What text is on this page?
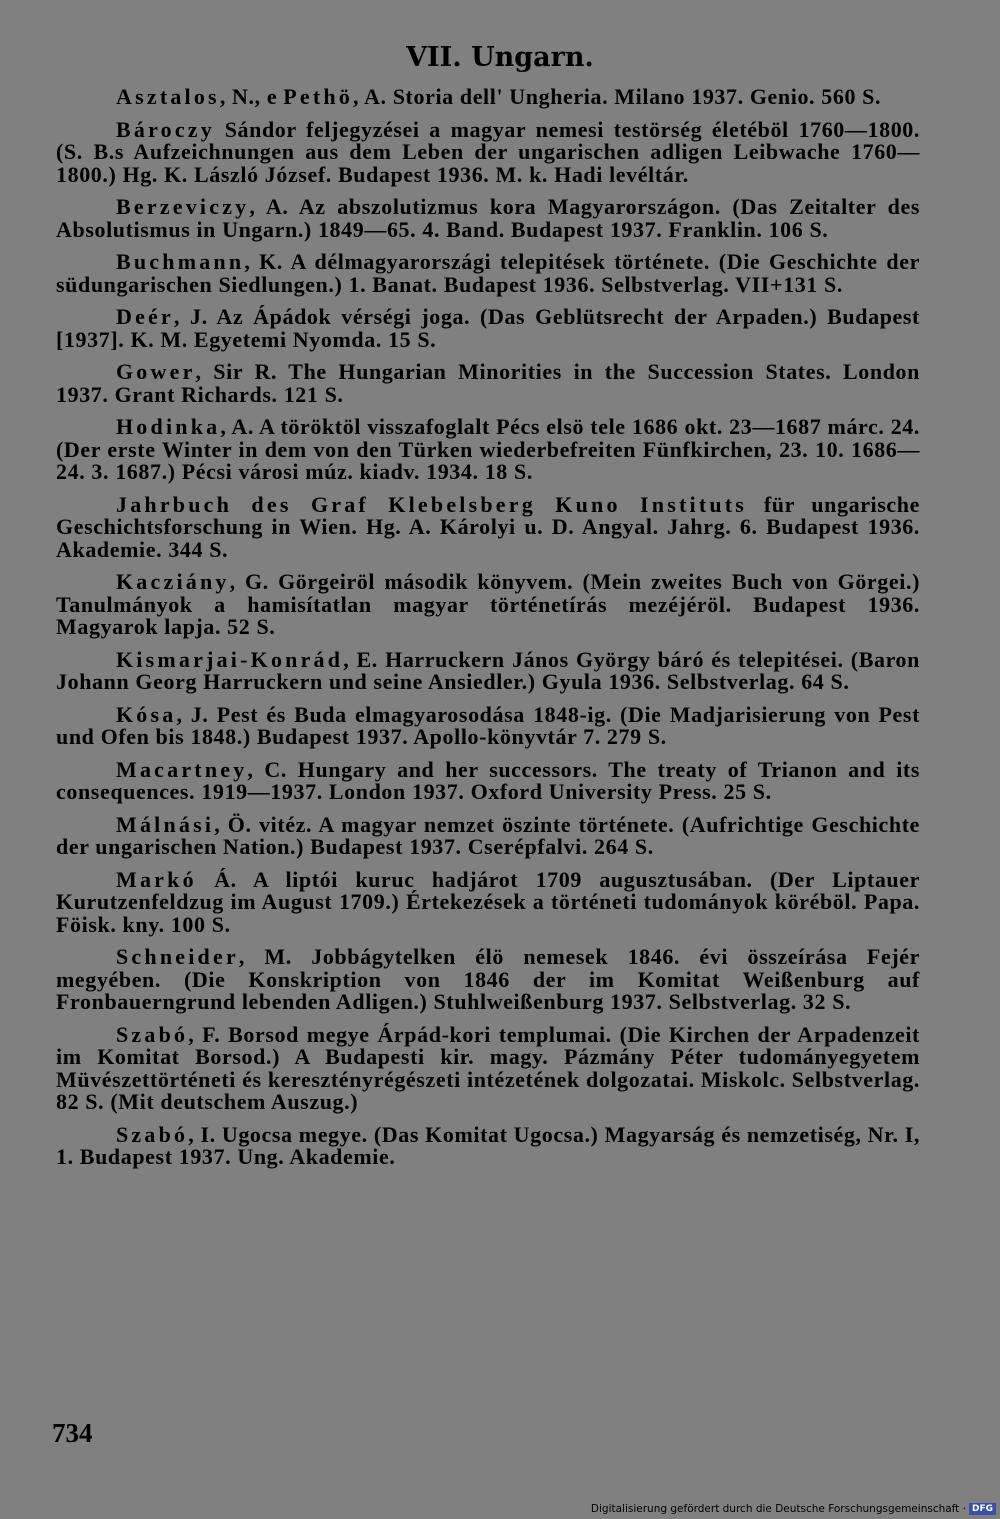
VII. Ungarn.
Asztalos, N., e Pethö, A. Storia dell' Ungheria. Milano 1937. Genio. 560 S.
Bároczy Sándor feljegyzései a magyar nemesi testörség életéböl 1760—1800. (S. B.s Aufzeichnungen aus dem Leben der ungarischen adligen Leibwache 1760—1800.) Hg. K. László József. Budapest 1936. M. k. Hadi levéltár.
Berzeviczy, A. Az abszolutizmus kora Magyarországon. (Das Zeitalter des Absolutismus in Ungarn.) 1849—65. 4. Band. Budapest 1937. Franklin. 106 S.
Buchmann, K. A délmagyarországi telepitések története. (Die Geschichte der südungarischen Siedlungen.) 1. Banat. Budapest 1936. Selbstverlag. VII+131 S.
Deér, J. Az Ápádok vérségi joga. (Das Geblütsrecht der Arpaden.) Budapest [1937]. K. M. Egyetemi Nyomda. 15 S.
Gower, Sir R. The Hungarian Minorities in the Succession States. London 1937. Grant Richards. 121 S.
Hodinka, A. A töröktöl visszafoglalt Pécs elsö tele 1686 okt. 23—1687 márc. 24. (Der erste Winter in dem von den Türken wiederbefreiten Fünfkirchen, 23. 10. 1686—24. 3. 1687.) Pécsi városi múz. kiadv. 1934. 18 S.
Jahrbuch des Graf Klebelsberg Kuno Instituts für ungarische Geschichtsforschung in Wien. Hg. A. Károlyi u. D. Angyal. Jahrg. 6. Budapest 1936. Akademie. 344 S.
Kacziány, G. Görgeiröl második könyvem. (Mein zweites Buch von Görgei.) Tanulmányok a hamisítatlan magyar történetírás mezéjéröl. Budapest 1936. Magyarok lapja. 52 S.
Kismarjai-Konrád, E. Harruckern János György báró és telepitései. (Baron Johann Georg Harruckern und seine Ansiedler.) Gyula 1936. Selbstverlag. 64 S.
Kósa, J. Pest és Buda elmagyarosodása 1848-ig. (Die Madjarisierung von Pest und Ofen bis 1848.) Budapest 1937. Apollo-könyvtár 7. 279 S.
Macartney, C. Hungary and her successors. The treaty of Trianon and its consequences. 1919—1937. London 1937. Oxford University Press. 25 S.
Málnási, Ö. vitéz. A magyar nemzet öszinte története. (Aufrichtige Geschichte der ungarischen Nation.) Budapest 1937. Cserépfalvi. 264 S.
Markó Á. A liptói kuruc hadjárot 1709 augusztusában. (Der Liptauer Kurutzenfeldzug im August 1709.) Értekezések a történeti tudományok köréböl. Papa. Föisk. kny. 100 S.
Schneider, M. Jobbágytelken élö nemesek 1846. évi összeírása Fejér megyében. (Die Konskription von 1846 der im Komitat Weißenburg auf Fronbauerngrund lebenden Adligen.) Stuhlweißenburg 1937. Selbstverlag. 32 S.
Szabó, F. Borsod megye Árpád-kori templumai. (Die Kirchen der Arpadenzeit im Komitat Borsod.) A Budapesti kir. magy. Pázmány Péter tudományegyetem Müvészettörténeti és keresztényrégészeti intézetének dolgozatai. Miskolc. Selbstverlag. 82 S. (Mit deutschem Auszug.)
Szabó, I. Ugocsa megye. (Das Komitat Ugocsa.) Magyarság és nemzetiség, Nr. I, 1. Budapest 1937. Ung. Akademie.
734
Digitalisierung gefördert durch die Deutsche Forschungsgemeinschaft · DFG
